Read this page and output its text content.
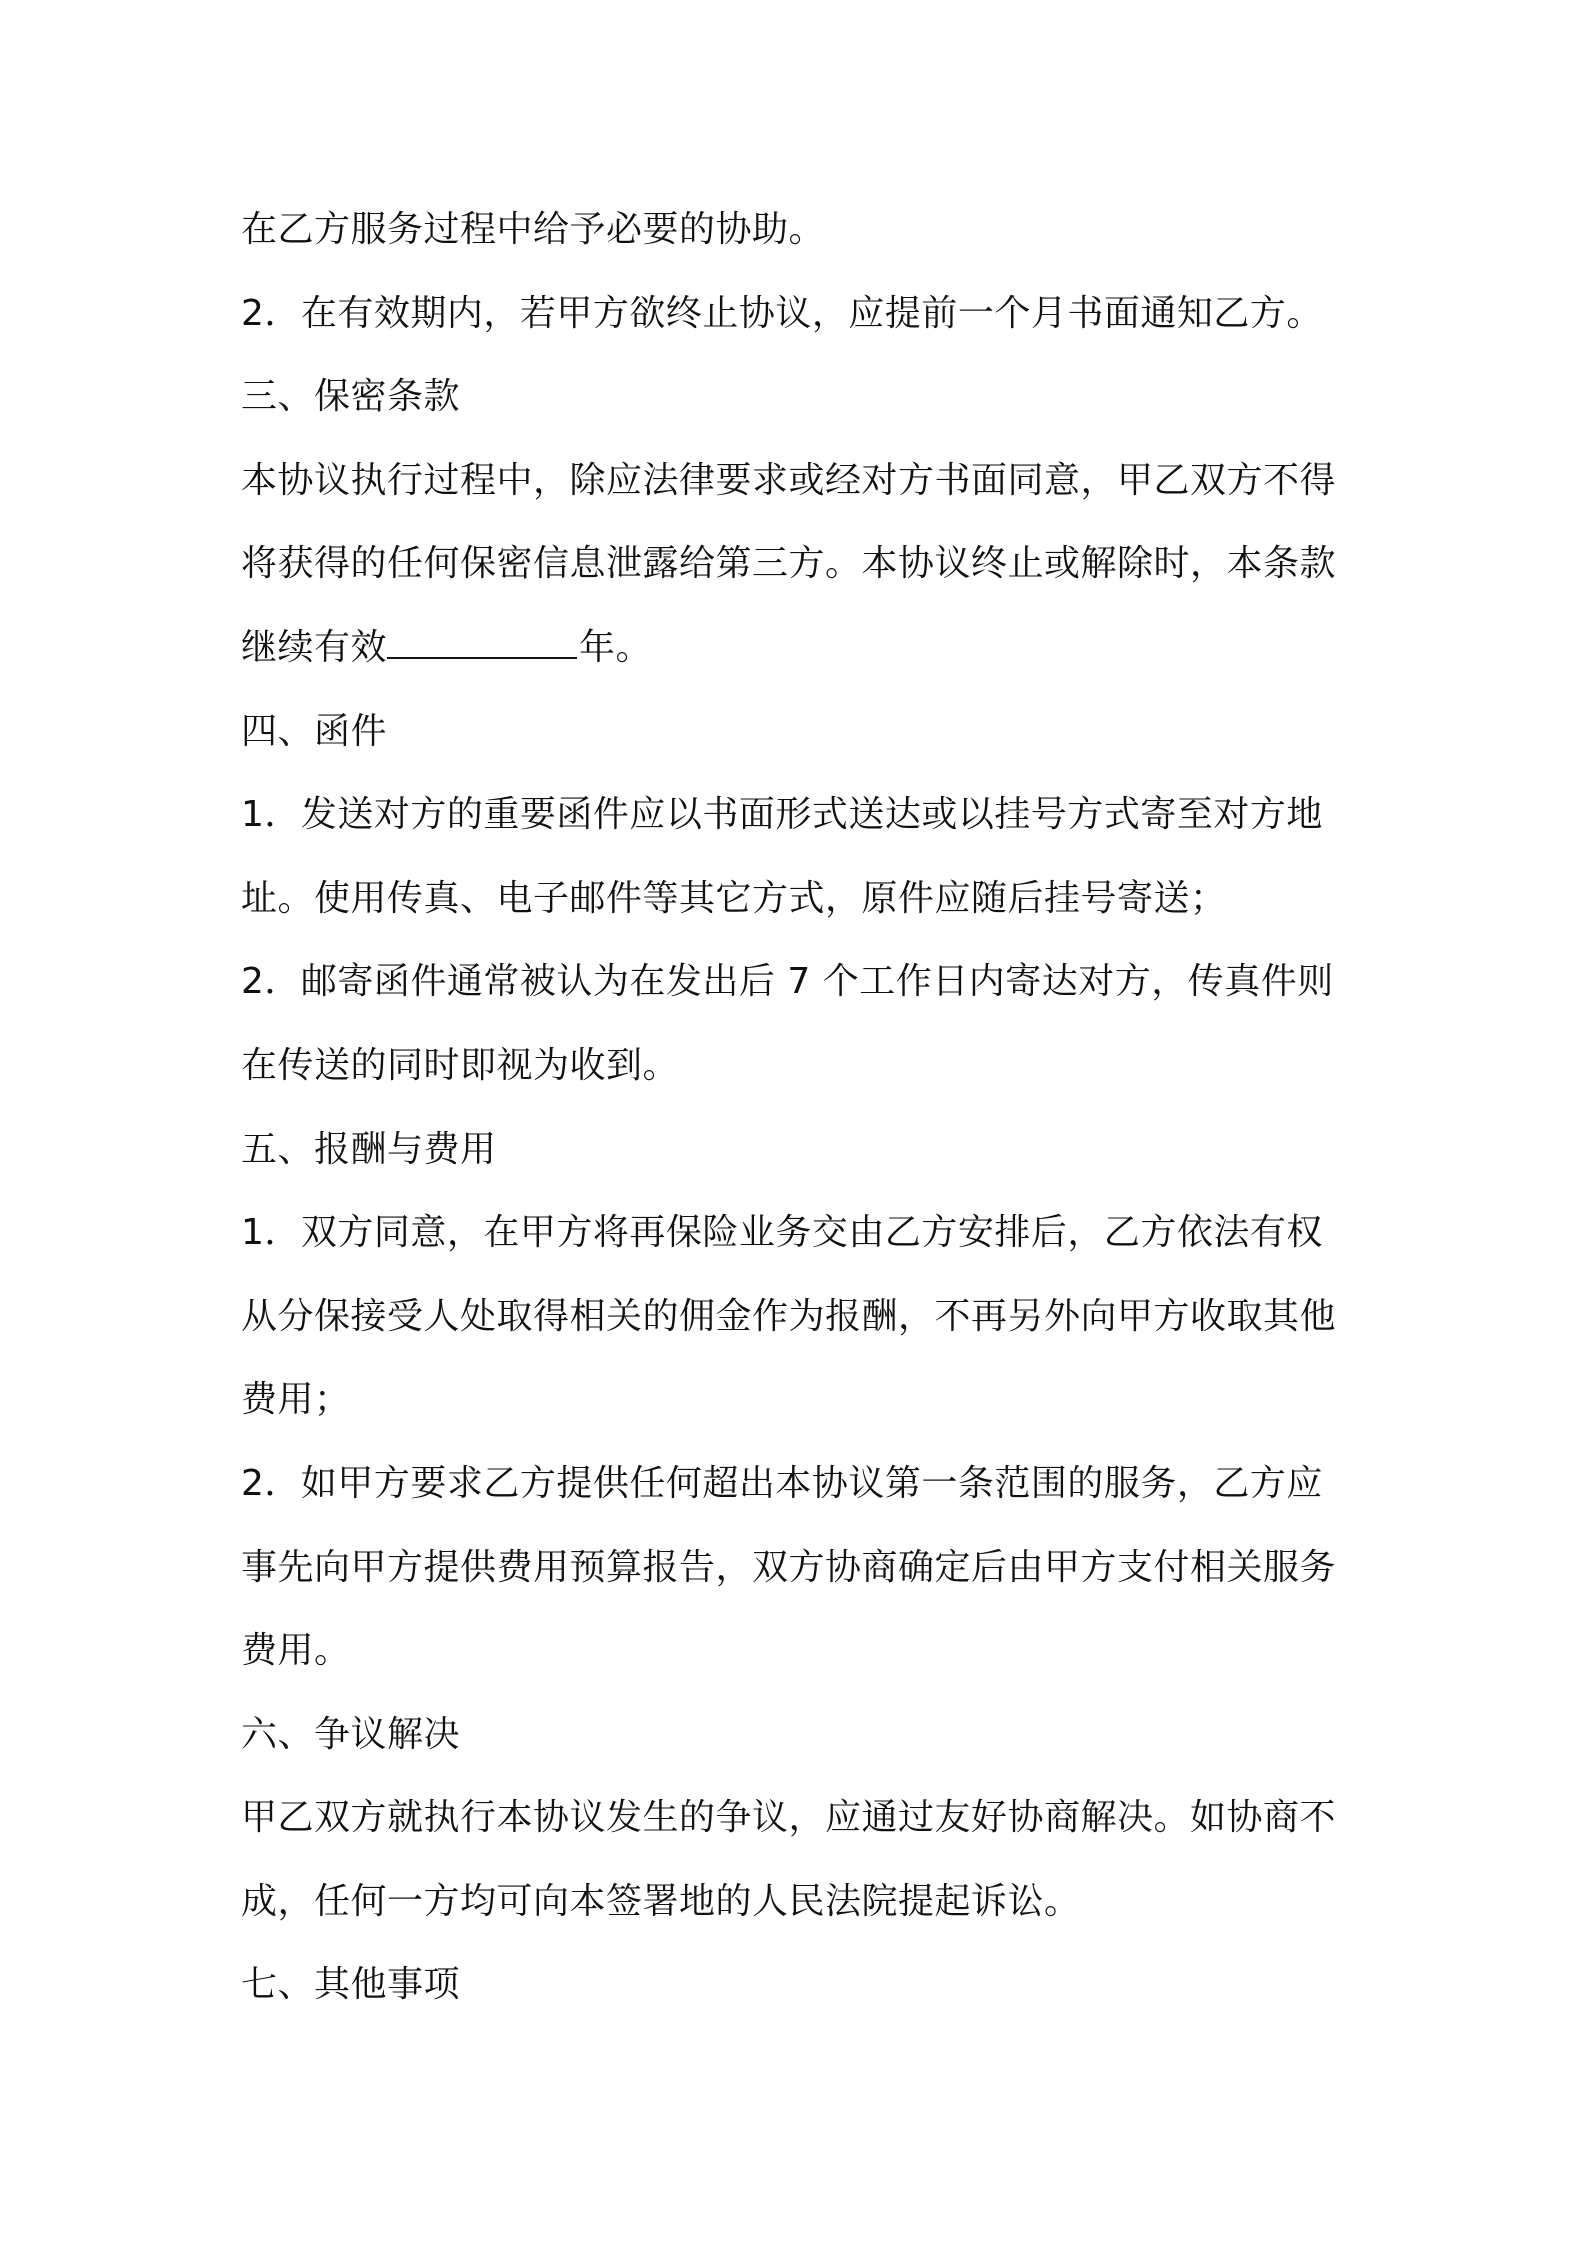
在乙方服务过程中给予必要的协助。
2．在有效期内，若甲方欲终止协议，应提前一个月书面通知乙方。
三、保密条款
本协议执行过程中，除应法律要求或经对方书面同意，甲乙双方不得
将获得的任何保密信息泄露给第三方。本协议终止或解除时，本条款
继续有效	年。
四、函件
1．发送对方的重要函件应以书面形式送达或以挂号方式寄至对方地
址。使用传真、电子邮件等其它方式，原件应随后挂号寄送；
2．邮寄函件通常被认为在发出后 7 个工作日内寄达对方，传真件则
在传送的同时即视为收到。
五、报酬与费用
1．双方同意，在甲方将再保险业务交由乙方安排后，乙方依法有权
从分保接受人处取得相关的佣金作为报酬，不再另外向甲方收取其他
费用；
2．如甲方要求乙方提供任何超出本协议第一条范围的服务，乙方应
事先向甲方提供费用预算报告，双方协商确定后由甲方支付相关服务
费用。
六、争议解决
甲乙双方就执行本协议发生的争议，应通过友好协商解决。如协商不
成，任何一方均可向本签署地的人民法院提起诉讼。
七、其他事项
